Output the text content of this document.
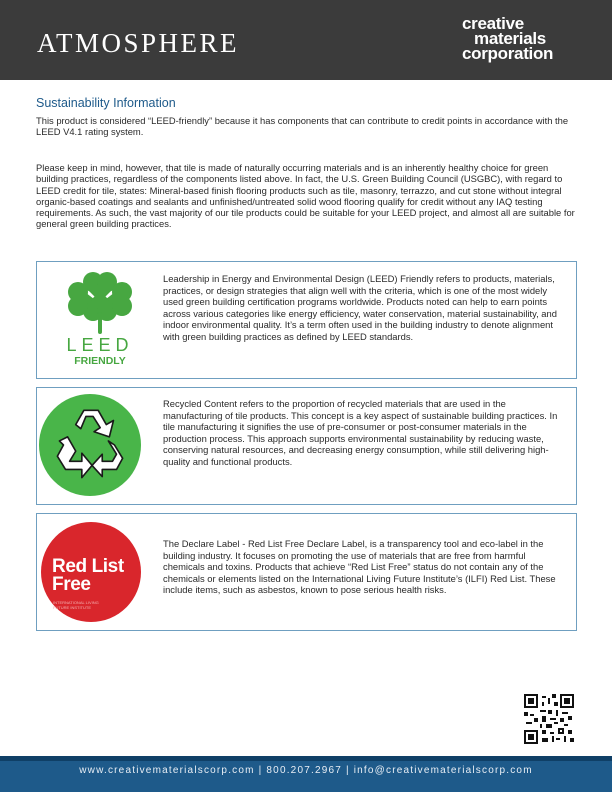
ATMOSPHERE
creative
materials
corporation
Sustainability Information

This product is considered “LEED-friendly” because it has components that can contribute to credit points in accordance with the LEED V4.1 rating system.

Please keep in mind, however, that tile is made of naturally occurring materials and is an inherently healthy choice for green building practices, regardless of the components listed above. In fact, the U.S. Green Building Council (USGBC), with regard to LEED credit for tile, states: Mineral-based finish flooring products such as tile, masonry, terrazzo, and cut stone without integral organic-based coatings and sealants and unfinished/untreated solid wood flooring qualify for credit without any IAQ testing requirements. As such, the vast majority of our tile products could be suitable for your LEED project, and almost all are suitable for general green building practices.

LEED
FRIENDLY

Leadership in Energy and Environmental Design (LEED) Friendly refers to products, materials, practices, or design strategies that align well with the criteria, which is one of the most widely used green building certification programs worldwide. Products noted can help to earn points across various categories like energy efficiency, water conservation, material sustainability, and indoor environmental quality. It’s a term often used in the building industry to denote alignment with green building practices as defined by LEED standards.

Recycled Content refers to the proportion of recycled materials that are used in the manufacturing of tile products. This concept is a key aspect of sustainable building practices. In tile manufacturing it signifies the use of pre-consumer or post-consumer materials in the production process. This approach supports environmental sustainability by reducing waste, conserving natural resources, and decreasing energy consumption, while still delivering high-quality and functional products.

Red List
Free
INTERNATIONAL LIVING FUTURE INSTITUTE

The Declare Label - Red List Free Declare Label, is a transparency tool and eco-label in the building industry. It focuses on promoting the use of materials that are free from harmful chemicals and toxins. Products that achieve “Red List Free” status do not contain any of the chemicals or elements listed on the International Living Future Institute’s (ILFI) Red List. These include items, such as asbestos, known to pose serious health risks.

www.creativematerialscorp.com | 800.207.2967 | info@creativematerialscorp.com
